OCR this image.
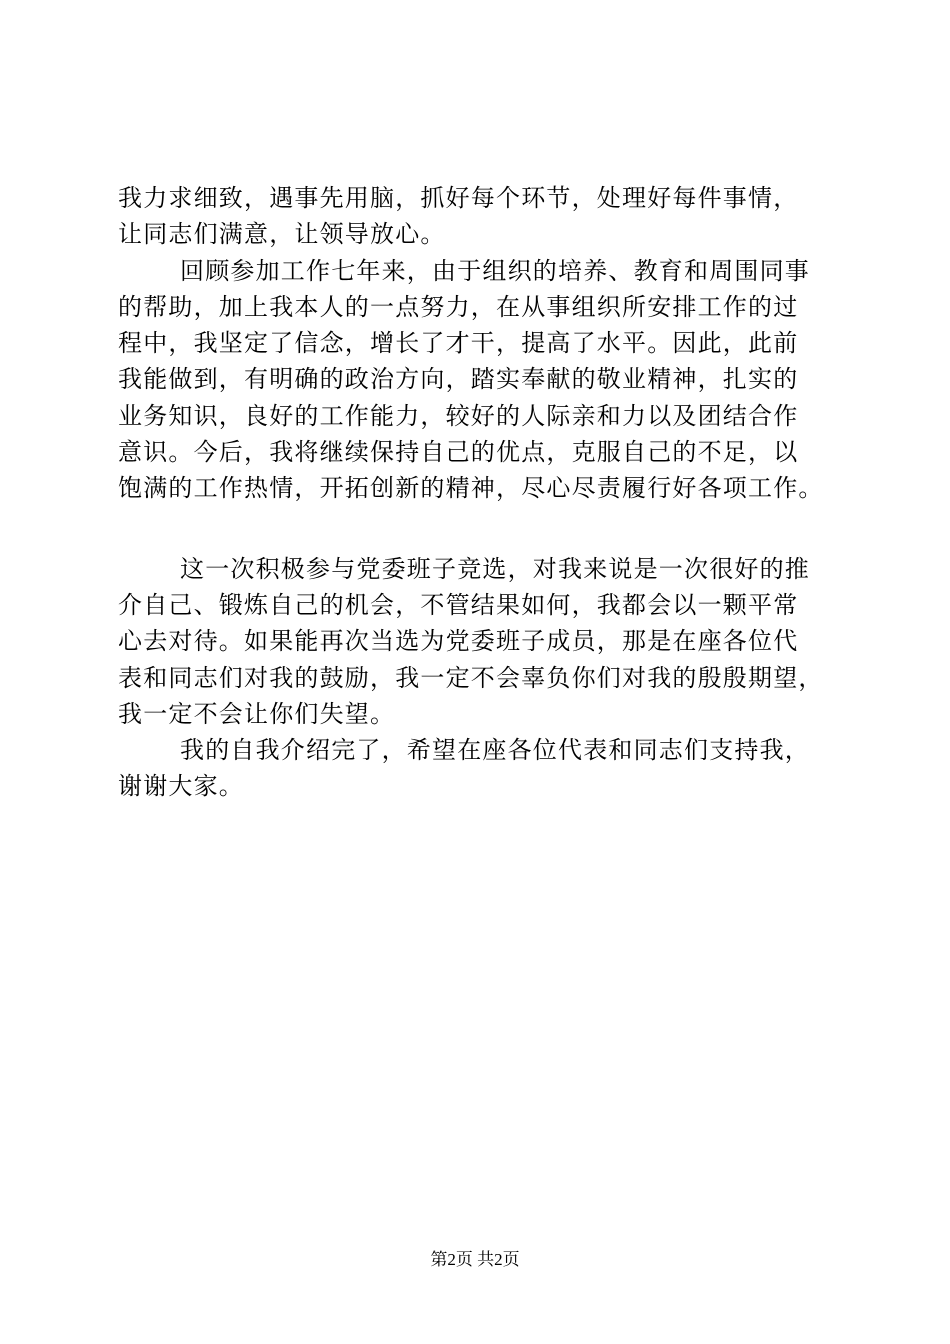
我力求细致，遇事先用脑，抓好每个环节，处理好每件事情，
让同志们满意，让领导放心。
回顾参加工作七年来，由于组织的培养、教育和周围同事
的帮助，加上我本人的一点努力，在从事组织所安排工作的过
程中，我坚定了信念，增长了才干，提高了水平。因此，此前
我能做到，有明确的政治方向，踏实奉献的敬业精神，扎实的
业务知识，良好的工作能力，较好的人际亲和力以及团结合作
意识。今后，我将继续保持自己的优点，克服自己的不足，以
饱满的工作热情，开拓创新的精神，尽心尽责履行好各项工作。
这一次积极参与党委班子竞选，对我来说是一次很好的推
介自己、锻炼自己的机会，不管结果如何，我都会以一颗平常
心去对待。如果能再次当选为党委班子成员，那是在座各位代
表和同志们对我的鼓励，我一定不会辜负你们对我的殷殷期望，
我一定不会让你们失望。
我的自我介绍完了，希望在座各位代表和同志们支持我，
谢谢大家。
第2页 共2页
